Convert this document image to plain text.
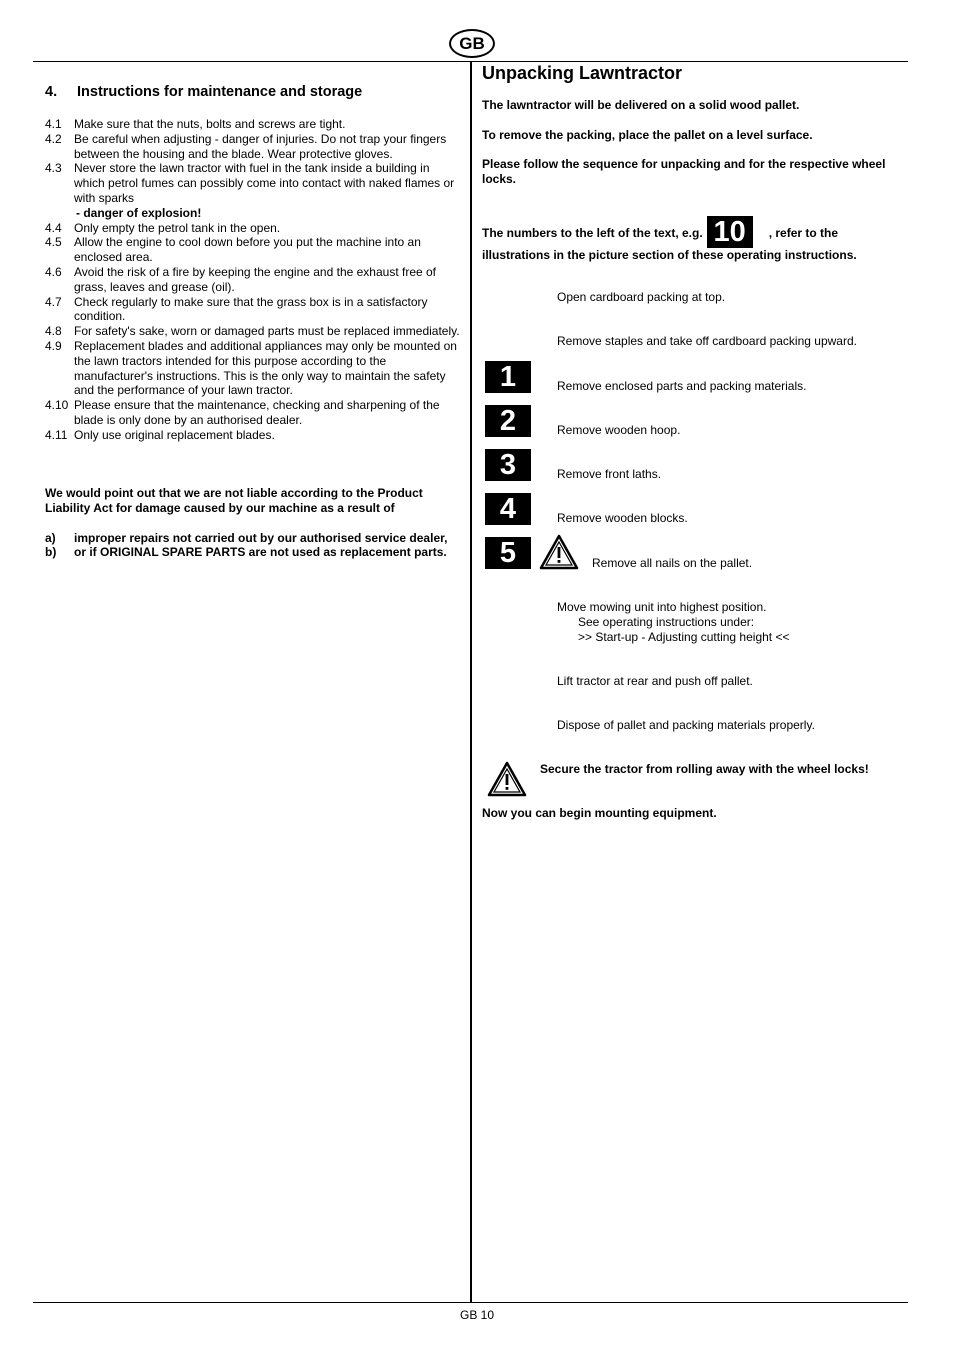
GB
4. Instructions for maintenance and storage
4.1	Make sure that the nuts, bolts and screws are tight.
4.2	Be careful when adjusting - danger of injuries. Do not trap your fingers between the housing and the blade. Wear protective gloves.
4.3	Never store the lawn tractor with fuel in the tank inside a building in which petrol fumes can possibly come into contact with naked flames or with sparks
- danger of explosion!
4.4	Only empty the petrol tank in the open.
4.5	Allow the engine to cool down before you put the machine into an enclosed area.
4.6	Avoid the risk of a fire by keeping the engine and the exhaust free of grass, leaves and grease (oil).
4.7	Check regularly to make sure that the grass box is in a satisfactory condition.
4.8	For safety's sake, worn or damaged parts must be replaced immediately.
4.9	Replacement blades and additional appliances may only be mounted on the lawn tractors intended for this purpose according to the manufacturer's instructions. This is the only way to maintain the safety and the performance of your lawn tractor.
4.10 Please ensure that the maintenance, checking and sharpening of the blade is only done by an authorised dealer.
4.11 Only use original replacement blades.
We would point out that we are not liable according to the Product Liability Act for damage caused by our machine as a result of
a)	improper repairs not carried out by our authorised service dealer,
b)	or if ORIGINAL SPARE PARTS are not used as replacement parts.
Unpacking Lawntractor
The lawntractor will be delivered on a solid wood pallet.
To remove the packing, place the pallet on a level surface.
Please follow the sequence for unpacking and for the respective wheel locks.
The numbers to the left of the text, e.g. 10 , refer to the illustrations in the picture section of these operating instructions.
Open cardboard packing at top.
Remove staples and take off cardboard packing upward.
1	Remove enclosed parts and packing materials.
2	Remove wooden hoop.
3	Remove front laths.
4	Remove wooden blocks.
5	Remove all nails on the pallet.
Move mowing unit into highest position.
See operating instructions under:
>> Start-up - Adjusting cutting height <<
Lift tractor at rear and push off pallet.
Dispose of pallet and packing materials properly.
Secure the tractor from rolling away with the wheel locks!
Now you can begin mounting equipment.
GB 10
